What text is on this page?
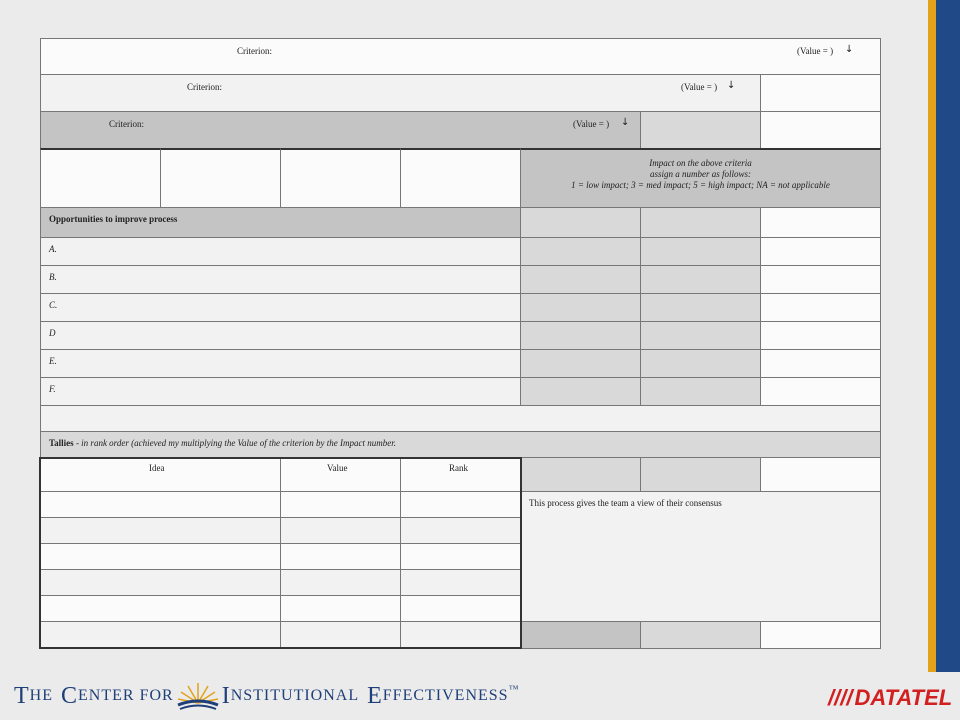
Criterion:	(Value = ) ↓
Criterion:	(Value = ) ↓
Criterion:	(Value = ) ↓
Impact on the above criteria
assign a number as follows:
1 = low impact; 3 = med impact; 5 = high impact; NA = not applicable
Opportunities to improve process
A.
B.
C.
D
E.
F.
Tallies - in rank order (achieved my multiplying the Value of the criterion by the Impact number.
Idea	Value	Rank
This process gives the team a view of their consensus
T HE C ENTER FOR I NSTITUTIONAL E FFECTIVENESS ™	//// DATATEL
